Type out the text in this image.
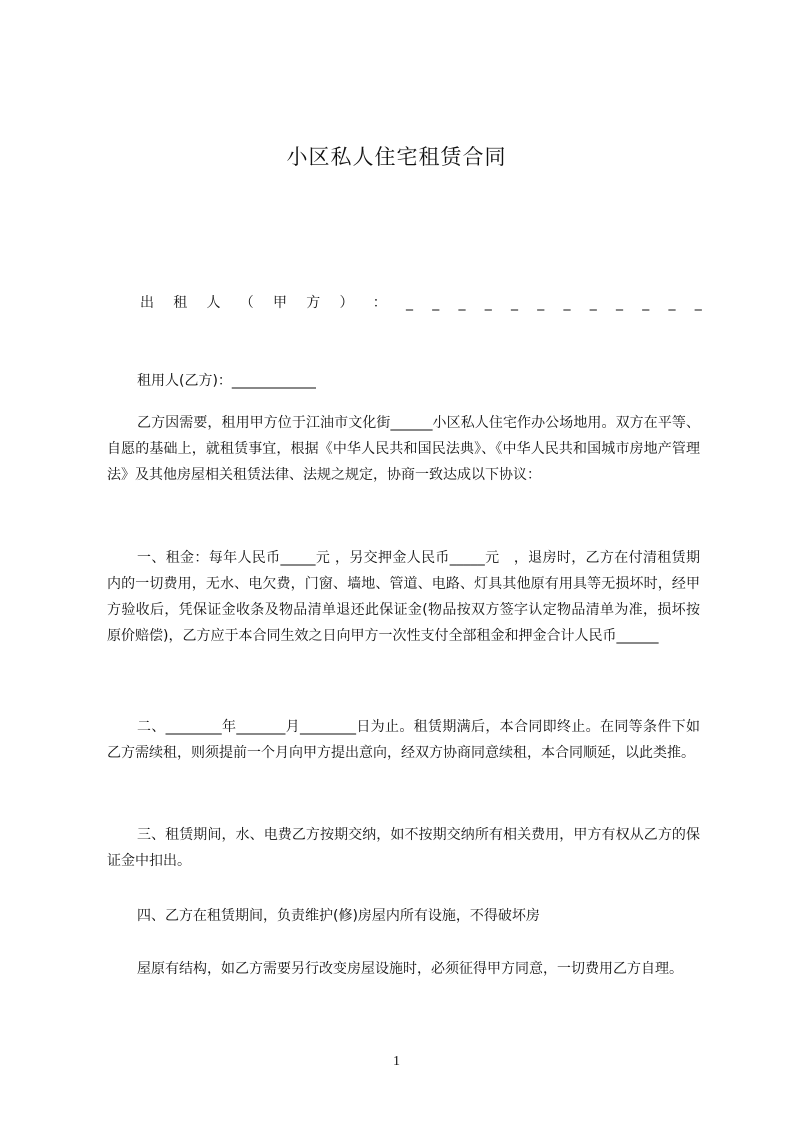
小区私人住宅租赁合同
出 租 人 （ 甲 方 ） ： _ _ _ _ _ _ _ _ _ _ _ _
租用人(乙方)：____________

乙方因需要，租用甲方位于江油市文化街______小区私人住宅作办公场地用。双方在平等、自愿的基础上，就租赁事宜，根据《中华人民共和国民法典》、《中华人民共和国城市房地产管理法》及其他房屋相关租赁法律、法规之规定，协商一致达成以下协议：

一、租金：每年人民币_____元 ，另交押金人民币_____元　，退房时，乙方在付清租赁期内的一切费用，无水、电欠费，门窗、墙地、管道、电路、灯具其他原有用具等无损坏时，经甲方验收后，凭保证金收条及物品清单退还此保证金(物品按双方签字认定物品清单为准，损坏按原价赔偿)，乙方应于本合同生效之日向甲方一次性支付全部租金和押金合计人民币______

二、________年_______月________日为止。租赁期满后，本合同即终止。在同等条件下如乙方需续租，则须提前一个月向甲方提出意向，经双方协商同意续租，本合同顺延，以此类推。

三、租赁期间，水、电费乙方按期交纳，如不按期交纳所有相关费用，甲方有权从乙方的保证金中扣出。

四、乙方在租赁期间，负责维护(修)房屋内所有设施，不得破坏房

屋原有结构，如乙方需要另行改变房屋设施时，必须征得甲方同意，一切费用乙方自理。

1
